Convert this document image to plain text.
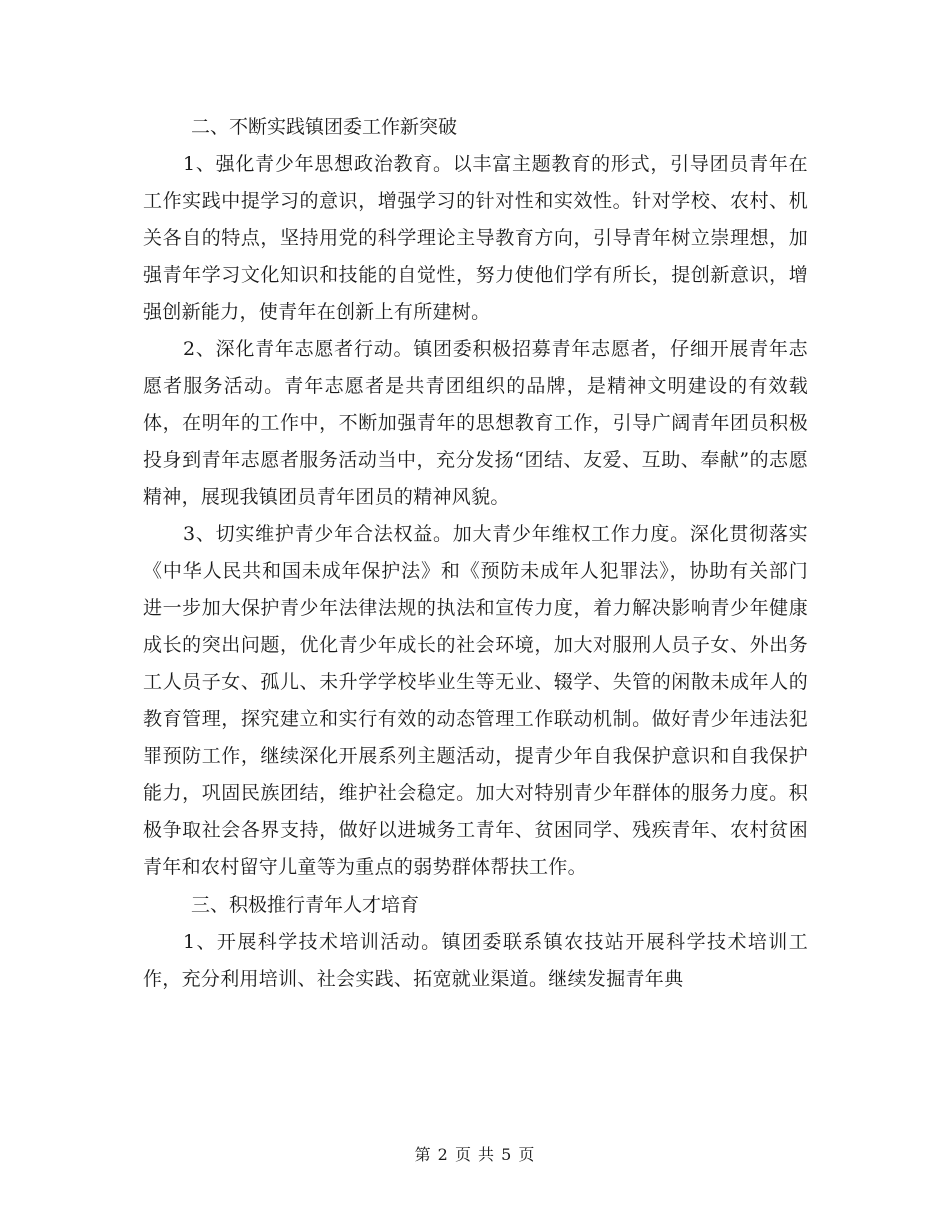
二、不断实践镇团委工作新突破

1、强化青少年思想政治教育。以丰富主题教育的形式，引导团员青年在工作实践中提学习的意识，增强学习的针对性和实效性。针对学校、农村、机关各自的特点，坚持用党的科学理论主导教育方向，引导青年树立崇理想，加强青年学习文化知识和技能的自觉性，努力使他们学有所长，提创新意识，增强创新能力，使青年在创新上有所建树。

2、深化青年志愿者行动。镇团委积极招募青年志愿者，仔细开展青年志愿者服务活动。青年志愿者是共青团组织的品牌，是精神文明建设的有效载体，在明年的工作中，不断加强青年的思想教育工作，引导广阔青年团员积极投身到青年志愿者服务活动当中，充分发扬“团结、友爱、互助、奉献”的志愿精神，展现我镇团员青年团员的精神风貌。

3、切实维护青少年合法权益。加大青少年维权工作力度。深化贯彻落实《中华人民共和国未成年保护法》和《预防未成年人犯罪法》，协助有关部门进一步加大保护青少年法律法规的执法和宣传力度，着力解决影响青少年健康成长的突出问题，优化青少年成长的社会环境，加大对服刑人员子女、外出务工人员子女、孤儿、未升学学校毕业生等无业、辍学、失管的闲散未成年人的教育管理，探究建立和实行有效的动态管理工作联动机制。做好青少年违法犯罪预防工作，继续深化开展系列主题活动，提青少年自我保护意识和自我保护能力，巩固民族团结，维护社会稳定。加大对特别青少年群体的服务力度。积极争取社会各界支持，做好以进城务工青年、贫困同学、残疾青年、农村贫困青年和农村留守儿童等为重点的弱势群体帮扶工作。

三、积极推行青年人才培育

1、开展科学技术培训活动。镇团委联系镇农技站开展科学技术培训工作，充分利用培训、社会实践、拓宽就业渠道。继续发掘青年典

第 2 页 共 5 页
